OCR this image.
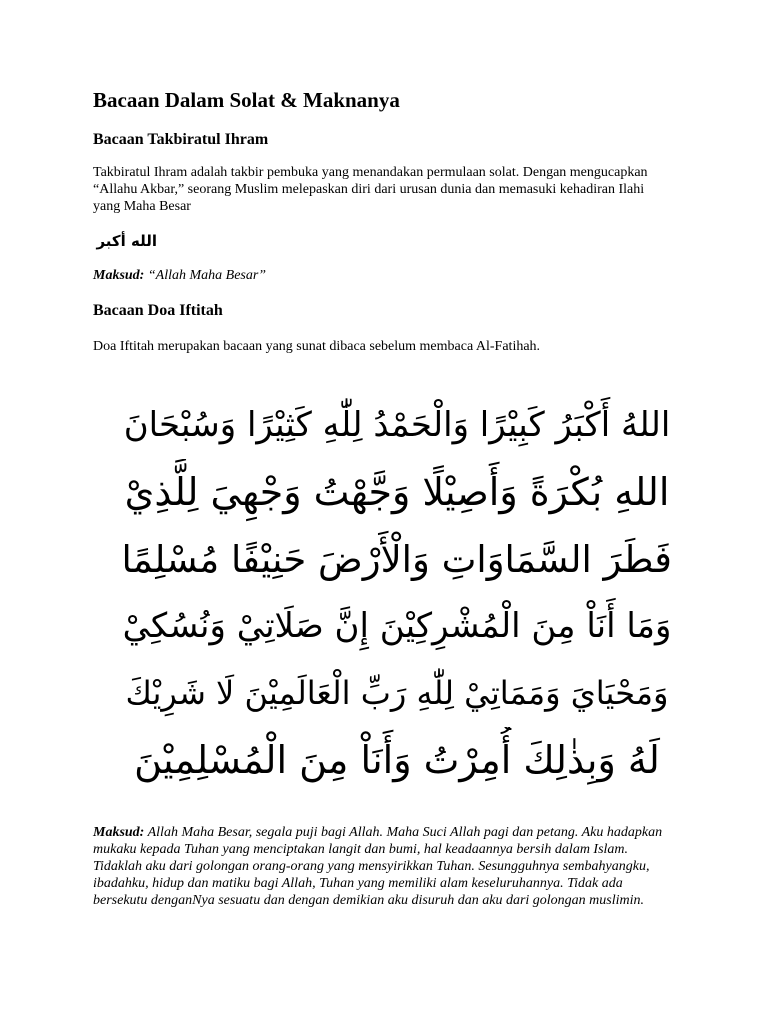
Bacaan Dalam Solat & Maknanya
Bacaan Takbiratul Ihram

Takbiratul Ihram adalah takbir pembuka yang menandakan permulaan solat. Dengan mengucapkan “Allahu Akbar,” seorang Muslim melepaskan diri dari urusan dunia dan memasuki kehadiran Ilahi yang Maha Besar

الله أكبر
Maksud: “Allah Maha Besar”
Bacaan Doa Iftitah

Doa Iftitah merupakan bacaan yang sunat dibaca sebelum membaca Al-Fatihah.

Maksud: Allah Maha Besar, segala puji bagi Allah. Maha Suci Allah pagi dan petang. Aku hadapkan mukaku kepada Tuhan yang menciptakan langit dan bumi, hal keadaannya bersih dalam Islam. Tidaklah aku dari golongan orang-orang yang mensyirikkan Tuhan. Sesungguhnya sembahyangku, ibadahku, hidup dan matiku bagi Allah, Tuhan yang memiliki alam keseluruhannya. Tidak ada bersekutu denganNya sesuatu dan dengan demikian aku disuruh dan aku dari golongan muslimin.
اللهُ أَكْبَرُ كَبِيْرًا وَالْحَمْدُ لِلّٰهِ كَثِيْرًا وَسُبْحَانَ
اللهِ بُكْرَةً وَأَصِيْلًا وَجَّهْتُ وَجْهِيَ لِلَّذِيْ
فَطَرَ السَّمَاوَاتِ وَالْأَرْضَ حَنِيْفًا مُسْلِمًا
وَمَا أَنَاْ مِنَ الْمُشْرِكِيْنَ إِنَّ صَلَاتِيْ وَنُسُكِيْ
وَمَحْيَايَ وَمَمَاتِيْ لِلّٰهِ رَبِّ الْعَالَمِيْنَ لَا شَرِيْكَ
لَهُ وَبِذٰلِكَ أُمِرْتُ وَأَنَاْ مِنَ الْمُسْلِمِيْنَ
